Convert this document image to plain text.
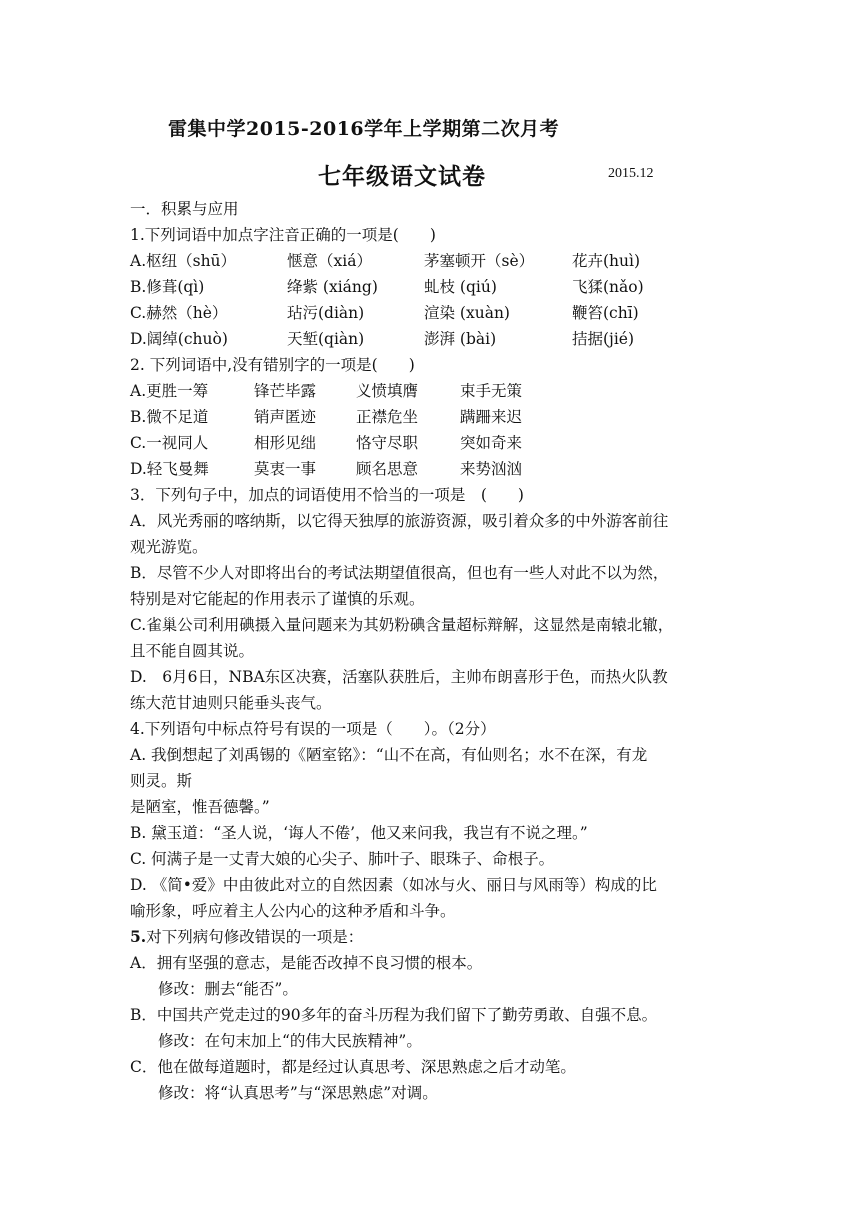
雷集中学2015-2016学年上学期第二次月考
七年级语文试卷	2015.12
一．积累与应用
1.下列词语中加点字注音正确的一项是(　　)
A.枢纽（shū）	惬意（xiá）	茅塞顿开（sè） 花卉(huì)
B.修葺(qì)	绛紫 (xiáng)	虬枝 (qiú)	飞猱(nǎo)
C.赫然（hè）	玷污(diàn)	渲染 (xuàn)	鞭笞(chī)
D.阔绰(chuò)	天堑(qiàn)	澎湃 (bài)	拮据(jié)
2. 下列词语中,没有错别字的一项是(　　)
A.更胜一筹	锋芒毕露	义愤填膺	束手无策
B.微不足道	销声匿迹	正襟危坐	蹒跚来迟
C.一视同人	相形见绌	恪守尽职	突如奇来
D.轻飞曼舞	莫衷一事	顾名思意	来势汹汹
3．下列句子中，加点的词语使用不恰当的一项是　(　　)
A．风光秀丽的喀纳斯，以它得天独厚的旅游资源，吸引着众多的中外游客前往
观光游览。
B．尽管不少人对即将出台的考试法期望值很高，但也有一些人对此不以为然，
特别是对它能起的作用表示了谨慎的乐观。
C.雀巢公司利用碘摄入量问题来为其奶粉碘含量超标辩解，这显然是南辕北辙，
且不能自圆其说。
D.　6月6日，NBA东区决赛，活塞队获胜后，主帅布朗喜形于色，而热火队教
练大范甘迪则只能垂头丧气。
4.下列语句中标点符号有误的一项是（　　）。（2分）
A. 我倒想起了刘禹锡的《陋室铭》：“山不在高，有仙则名；水不在深，有龙
则灵。斯
是陋室，惟吾德馨。”
B. 黛玉道：“圣人说，‘诲人不倦’，他又来问我，我岂有不说之理。”
C. 何满子是一丈青大娘的心尖子、肺叶子、眼珠子、命根子。
D. 《简•爱》中由彼此对立的自然因素（如冰与火、丽日与风雨等）构成的比
喻形象，呼应着主人公内心的这种矛盾和斗争。
5.对下列病句修改错误的一项是：
A．拥有坚强的意志，是能否改掉不良习惯的根本。
修改：删去“能否”。
B．中国共产党走过的90多年的奋斗历程为我们留下了勤劳勇敢、自强不息。
修改：在句末加上“的伟大民族精神”。
C．他在做每道题时，都是经过认真思考、深思熟虑之后才动笔。
修改：将“认真思考”与“深思熟虑”对调。
